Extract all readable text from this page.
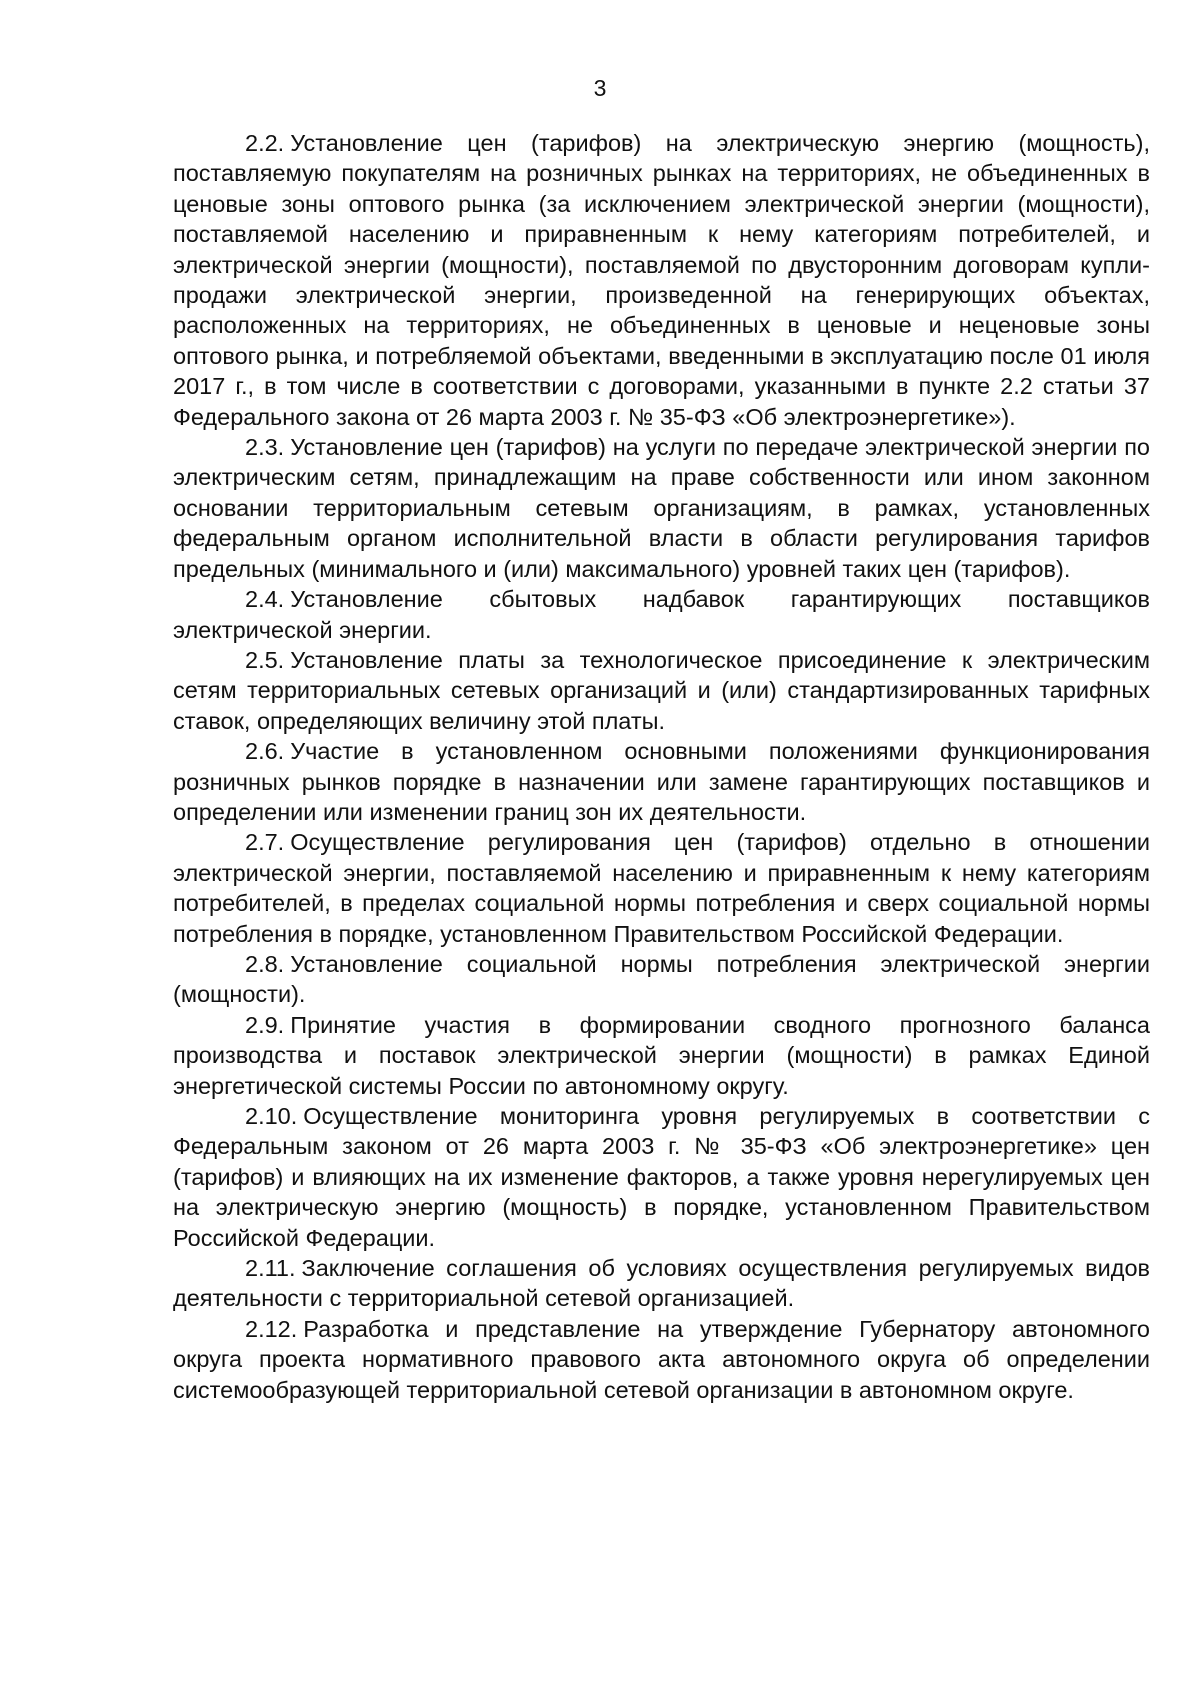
3

2.2. Установление цен (тарифов) на электрическую энергию (мощность), поставляемую покупателям на розничных рынках на территориях, не объединенных в ценовые зоны оптового рынка (за исключением электрической энергии (мощности), поставляемой населению и приравненным к нему категориям потребителей, и электрической энергии (мощности), поставляемой по двусторонним договорам купли-продажи электрической энергии, произведенной на генерирующих объектах, расположенных на территориях, не объединенных в ценовые и неценовые зоны оптового рынка, и потребляемой объектами, введенными в эксплуатацию после 01 июля 2017 г., в том числе в соответствии с договорами, указанными в пункте 2.2 статьи 37 Федерального закона от 26 марта 2003 г. № 35-ФЗ «Об электроэнергетике»).

2.3. Установление цен (тарифов) на услуги по передаче электрической энергии по электрическим сетям, принадлежащим на праве собственности или ином законном основании территориальным сетевым организациям, в рамках, установленных федеральным органом исполнительной власти в области регулирования тарифов предельных (минимального и (или) максимального) уровней таких цен (тарифов).

2.4. Установление сбытовых надбавок гарантирующих поставщиков электрической энергии.

2.5. Установление платы за технологическое присоединение к электрическим сетям территориальных сетевых организаций и (или) стандартизированных тарифных ставок, определяющих величину этой платы.

2.6. Участие в установленном основными положениями функционирования розничных рынков порядке в назначении или замене гарантирующих поставщиков и определении или изменении границ зон их деятельности.

2.7. Осуществление регулирования цен (тарифов) отдельно в отношении электрической энергии, поставляемой населению и приравненным к нему категориям потребителей, в пределах социальной нормы потребления и сверх социальной нормы потребления в порядке, установленном Правительством Российской Федерации.

2.8. Установление социальной нормы потребления электрической энергии (мощности).

2.9. Принятие участия в формировании сводного прогнозного баланса производства и поставок электрической энергии (мощности) в рамках Единой энергетической системы России по автономному округу.

2.10. Осуществление мониторинга уровня регулируемых в соответствии с Федеральным законом от 26 марта 2003 г. № 35-ФЗ «Об электроэнергетике» цен (тарифов) и влияющих на их изменение факторов, а также уровня нерегулируемых цен на электрическую энергию (мощность) в порядке, установленном Правительством Российской Федерации.

2.11. Заключение соглашения об условиях осуществления регулируемых видов деятельности с территориальной сетевой организацией.

2.12. Разработка и представление на утверждение Губернатору автономного округа проекта нормативного правового акта автономного округа об определении системообразующей территориальной сетевой организации в автономном округе.
